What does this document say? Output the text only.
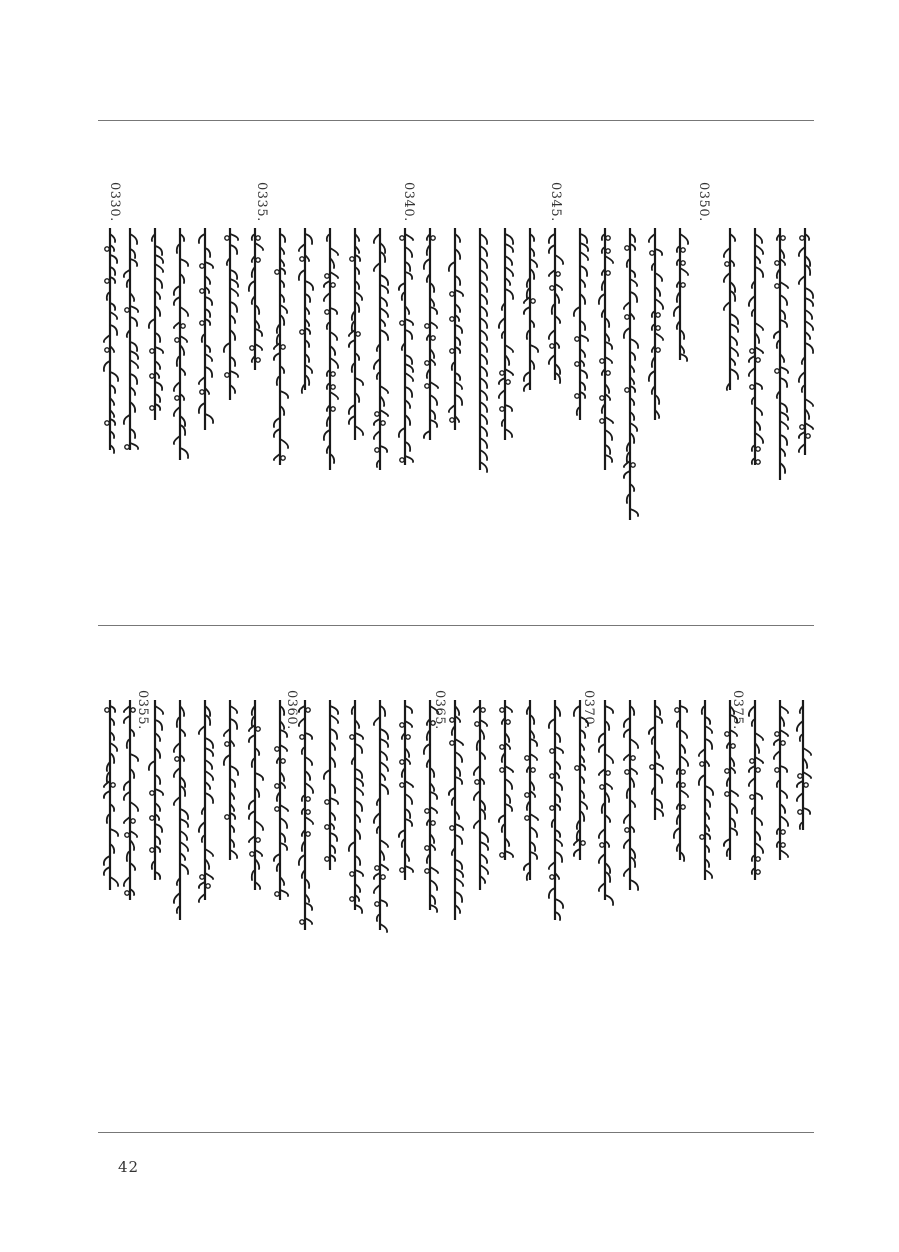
0350.
0345.
0340.
0335.
0330.
0375.
0370.
0365.
0360.
0355.
42
